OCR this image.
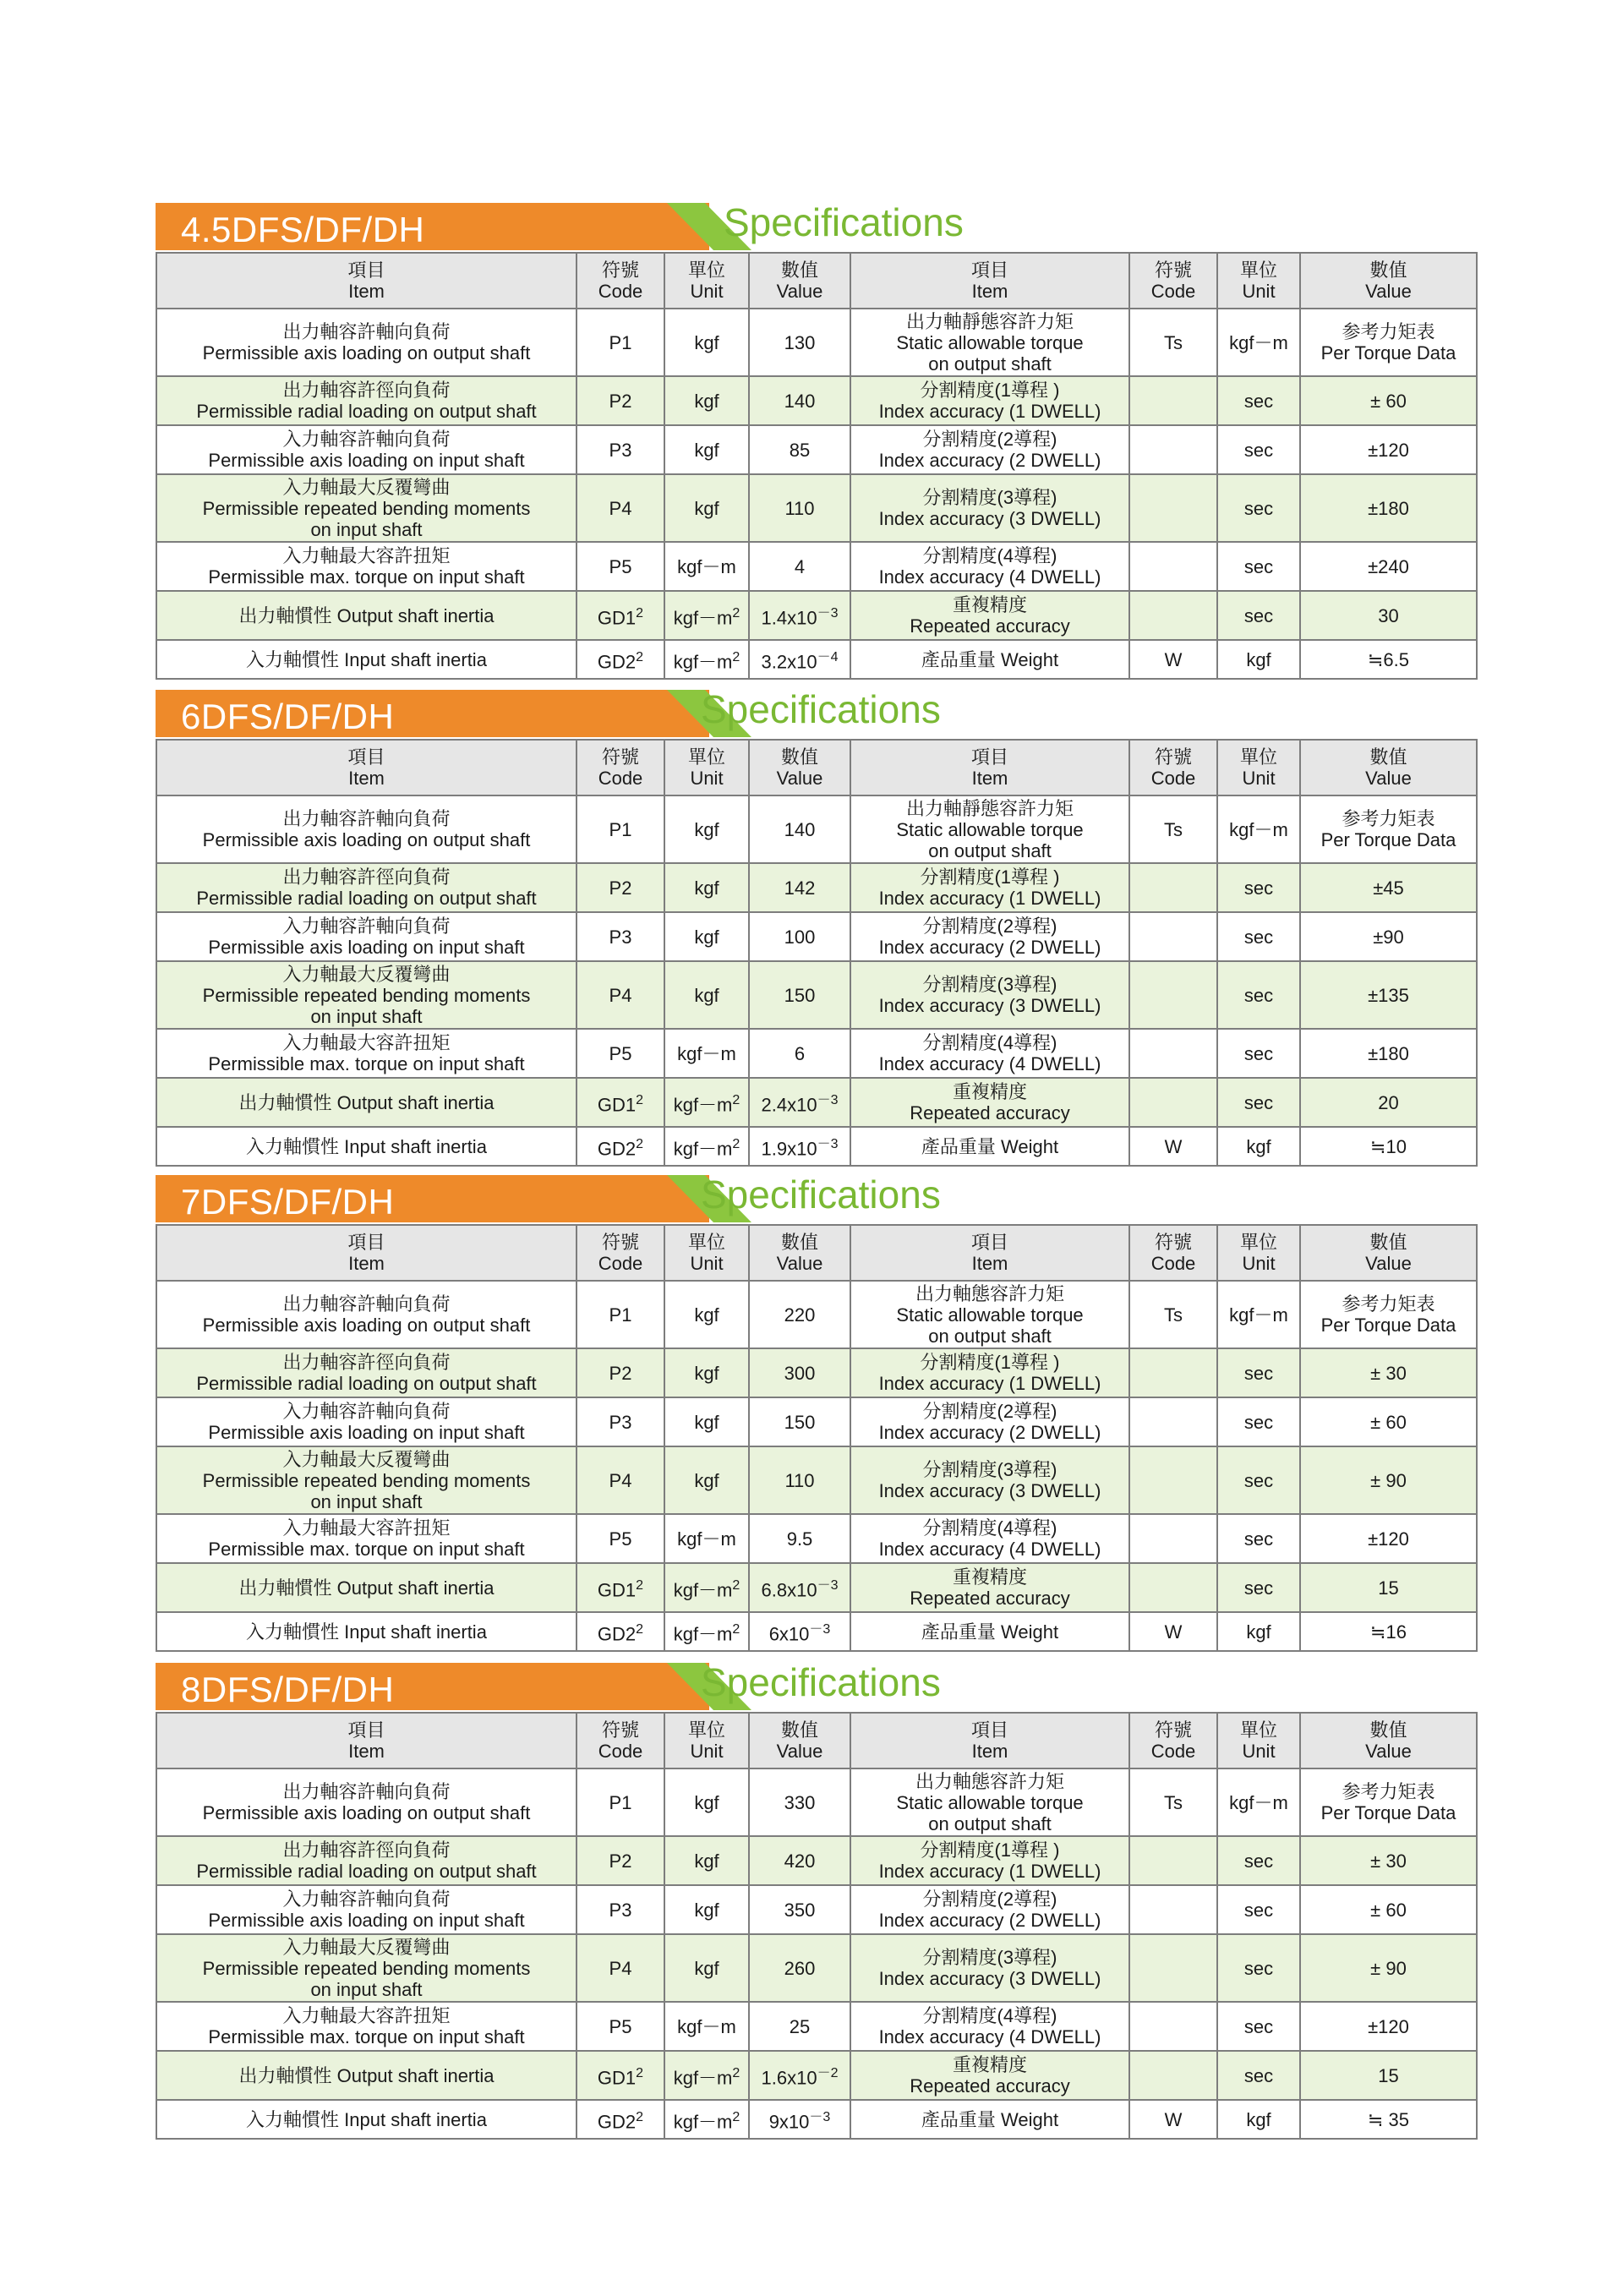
4.5DFS/DF/DH	Specifications
項目
Item	符號
Code	單位
Unit	數值
Value	項目
Item	符號
Code	單位
Unit	數值
Value

出力軸容許軸向負荷
Permissible axis loading on output shaft	P1	kgf	130	出力軸靜態容許力矩
Static allowable torque
on output shaft	Ts	kgf－m	参考力矩表
Per Torque Data

出力軸容許徑向負荷
Permissible radial loading on output shaft	P2	kgf	140	分割精度(1導程 )
Index accuracy (1 DWELL)		sec	± 60

入力軸容許軸向負荷
Permissible axis loading on input shaft	P3	kgf	85	分割精度(2導程)
Index accuracy (2 DWELL)		sec	±120

入力軸最大反覆彎曲
Permissible repeated bending moments
on input shaft	P4	kgf	110	分割精度(3導程)
Index accuracy (3 DWELL)		sec	±180

入力軸最大容許扭矩
Permissible max. torque on input shaft	P5	kgf－m	4	分割精度(4導程)
Index accuracy (4 DWELL)		sec	±240

出力軸慣性 Output shaft inertia	$GD1^2$	$kgf-m^2$	$1.4x10^{-3}$	重複精度
Repeated accuracy		sec	30

入力軸慣性 Input shaft inertia	$GD2^2$	$kgf-m^2$	$3.2x10^{-4}$	產品重量 Weight	W	kgf	≒6.5
6DFS/DF/DH	Specifications
項目
Item	符號
Code	單位
Unit	數值
Value	項目
Item	符號
Code	單位
Unit	數值
Value

出力軸容許軸向負荷
Permissible axis loading on output shaft	P1	kgf	140	出力軸靜態容許力矩
Static allowable torque
on output shaft	Ts	kgf－m	参考力矩表
Per Torque Data

出力軸容許徑向負荷
Permissible radial loading on output shaft	P2	kgf	142	分割精度(1導程 )
Index accuracy (1 DWELL)		sec	±45

入力軸容許軸向負荷
Permissible axis loading on input shaft	P3	kgf	100	分割精度(2導程)
Index accuracy (2 DWELL)		sec	±90

入力軸最大反覆彎曲
Permissible repeated bending moments
on input shaft	P4	kgf	150	分割精度(3導程)
Index accuracy (3 DWELL)		sec	±135

入力軸最大容許扭矩
Permissible max. torque on input shaft	P5	kgf－m	6	分割精度(4導程)
Index accuracy (4 DWELL)		sec	±180

出力軸慣性 Output shaft inertia	$GD1^2$	$kgf-m^2$	$2.4x10^{-3}$	重複精度
Repeated accuracy		sec	20

入力軸慣性 Input shaft inertia	$GD2^2$	$kgf-m^2$	$1.9x10^{-3}$	產品重量 Weight	W	kgf	≒10
7DFS/DF/DH	Specifications
項目
Item	符號
Code	單位
Unit	數值
Value	項目
Item	符號
Code	單位
Unit	數值
Value

出力軸容許軸向負荷
Permissible axis loading on output shaft	P1	kgf	220	出力軸態容許力矩
Static allowable torque
on output shaft	Ts	kgf－m	参考力矩表
Per Torque Data

出力軸容許徑向負荷
Permissible radial loading on output shaft	P2	kgf	300	分割精度(1導程 )
Index accuracy (1 DWELL)		sec	± 30

入力軸容許軸向負荷
Permissible axis loading on input shaft	P3	kgf	150	分割精度(2導程)
Index accuracy (2 DWELL)		sec	± 60

入力軸最大反覆彎曲
Permissible repeated bending moments
on input shaft	P4	kgf	110	分割精度(3導程)
Index accuracy (3 DWELL)		sec	± 90

入力軸最大容許扭矩
Permissible max. torque on input shaft	P5	kgf－m	9.5	分割精度(4導程)
Index accuracy (4 DWELL)		sec	±120

出力軸慣性 Output shaft inertia	$GD1^2$	$kgf-m^2$	$6.8x10^{-3}$	重複精度
Repeated accuracy		sec	15

入力軸慣性 Input shaft inertia	$GD2^2$	$kgf-m^2$	$6x10^{-3}$	產品重量 Weight	W	kgf	≒16
8DFS/DF/DH	Specifications
項目
Item	符號
Code	單位
Unit	數值
Value	項目
Item	符號
Code	單位
Unit	數值
Value

出力軸容許軸向負荷
Permissible axis loading on output shaft	P1	kgf	330	出力軸態容許力矩
Static allowable torque
on output shaft	Ts	kgf－m	参考力矩表
Per Torque Data

出力軸容許徑向負荷
Permissible radial loading on output shaft	P2	kgf	420	分割精度(1導程 )
Index accuracy (1 DWELL)		sec	± 30

入力軸容許軸向負荷
Permissible axis loading on input shaft	P3	kgf	350	分割精度(2導程)
Index accuracy (2 DWELL)		sec	± 60

入力軸最大反覆彎曲
Permissible repeated bending moments
on input shaft	P4	kgf	260	分割精度(3導程)
Index accuracy (3 DWELL)		sec	± 90

入力軸最大容許扭矩
Permissible max. torque on input shaft	P5	kgf－m	25	分割精度(4導程)
Index accuracy (4 DWELL)		sec	±120

出力軸慣性 Output shaft inertia	$GD1^2$	$kgf-m^2$	$1.6x10^{-2}$	重複精度
Repeated accuracy		sec	15

入力軸慣性 Input shaft inertia	$GD2^2$	$kgf-m^2$	$9x10^{-3}$	產品重量 Weight	W	kgf	≒ 35
